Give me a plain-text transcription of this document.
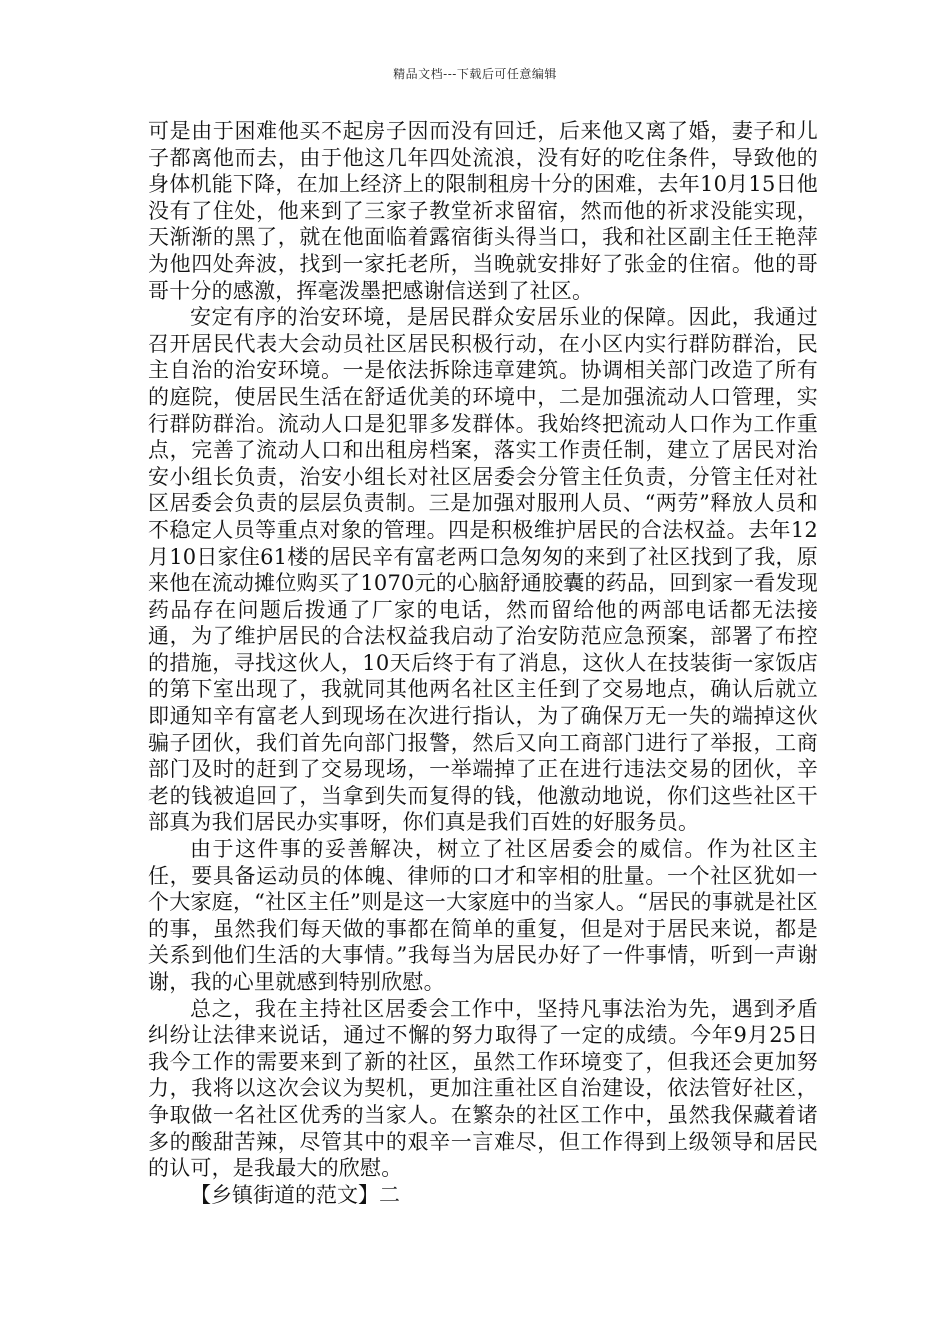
精品文档---下载后可任意编辑

可是由于困难他买不起房子因而没有回迁，后来他又离了婚，妻子和儿子都离他而去，由于他这几年四处流浪，没有好的吃住条件，导致他的身体机能下降，在加上经济上的限制租房十分的困难，去年10月15日他没有了住处，他来到了三家子教堂祈求留宿，然而他的祈求没能实现，天渐渐的黑了，就在他面临着露宿街头得当口，我和社区副主任王艳萍为他四处奔波，找到一家托老所，当晚就安排好了张金的住宿。他的哥哥十分的感激，挥毫泼墨把感谢信送到了社区。

安定有序的治安环境，是居民群众安居乐业的保障。因此，我通过召开居民代表大会动员社区居民积极行动，在小区内实行群防群治，民主自治的治安环境。一是依法拆除违章建筑。协调相关部门改造了所有的庭院，使居民生活在舒适优美的环境中，二是加强流动人口管理，实行群防群治。流动人口是犯罪多发群体。我始终把流动人口作为工作重点，完善了流动人口和出租房档案，落实工作责任制，建立了居民对治安小组长负责，治安小组长对社区居委会分管主任负责，分管主任对社区居委会负责的层层负责制。三是加强对服刑人员、“两劳”释放人员和不稳定人员等重点对象的管理。四是积极维护居民的合法权益。去年12月10日家住61楼的居民辛有富老两口急匆匆的来到了社区找到了我，原来他在流动摊位购买了1070元的心脑舒通胶囊的药品，回到家一看发现药品存在问题后拨通了厂家的电话，然而留给他的两部电话都无法接通，为了维护居民的合法权益我启动了治安防范应急预案，部署了布控的措施，寻找这伙人，10天后终于有了消息，这伙人在技装街一家饭店的第下室出现了，我就同其他两名社区主任到了交易地点，确认后就立即通知辛有富老人到现场在次进行指认，为了确保万无一失的端掉这伙骗子团伙，我们首先向部门报警，然后又向工商部门进行了举报，工商部门及时的赶到了交易现场，一举端掉了正在进行违法交易的团伙，辛老的钱被追回了，当拿到失而复得的钱，他激动地说，你们这些社区干部真为我们居民办实事呀，你们真是我们百姓的好服务员。

由于这件事的妥善解决，树立了社区居委会的威信。作为社区主任，要具备运动员的体魄、律师的口才和宰相的肚量。一个社区犹如一个大家庭，“社区主任”则是这一大家庭中的当家人。“居民的事就是社区的事，虽然我们每天做的事都在简单的重复，但是对于居民来说，都是关系到他们生活的大事情。”我每当为居民办好了一件事情，听到一声谢谢，我的心里就感到特别欣慰。

总之，我在主持社区居委会工作中，坚持凡事法治为先，遇到矛盾纠纷让法律来说话，通过不懈的努力取得了一定的成绩。今年9月25日我今工作的需要来到了新的社区，虽然工作环境变了，但我还会更加努力，我将以这次会议为契机，更加注重社区自治建设，依法管好社区，争取做一名社区优秀的当家人。在繁杂的社区工作中，虽然我保藏着诸多的酸甜苦辣，尽管其中的艰辛一言难尽，但工作得到上级领导和居民的认可，是我最大的欣慰。

【乡镇街道的范文】二
